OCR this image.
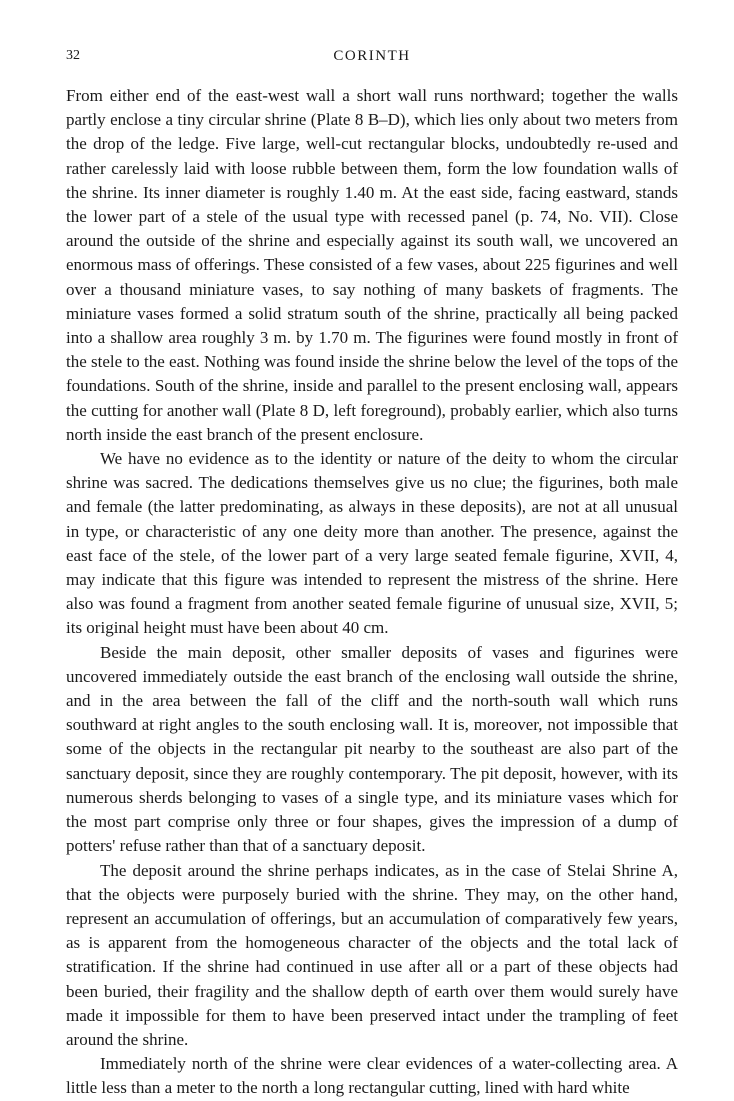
32	CORINTH

From either end of the east-west wall a short wall runs northward; together the walls partly enclose a tiny circular shrine (Plate 8 B–D), which lies only about two meters from the drop of the ledge. Five large, well-cut rectangular blocks, undoubtedly re-used and rather carelessly laid with loose rubble between them, form the low foundation walls of the shrine. Its inner diameter is roughly 1.40 m. At the east side, facing eastward, stands the lower part of a stele of the usual type with recessed panel (p. 74, No. VII). Close around the outside of the shrine and especially against its south wall, we uncovered an enormous mass of offerings. These consisted of a few vases, about 225 figurines and well over a thousand miniature vases, to say nothing of many baskets of fragments. The miniature vases formed a solid stratum south of the shrine, practically all being packed into a shallow area roughly 3 m. by 1.70 m. The figurines were found mostly in front of the stele to the east. Nothing was found inside the shrine below the level of the tops of the foundations. South of the shrine, inside and parallel to the present enclosing wall, appears the cutting for another wall (Plate 8 D, left foreground), probably earlier, which also turns north inside the east branch of the present enclosure.

We have no evidence as to the identity or nature of the deity to whom the circular shrine was sacred. The dedications themselves give us no clue; the figurines, both male and female (the latter predominating, as always in these deposits), are not at all unusual in type, or characteristic of any one deity more than another. The presence, against the east face of the stele, of the lower part of a very large seated female figurine, XVII, 4, may indicate that this figure was intended to represent the mistress of the shrine. Here also was found a fragment from another seated female figurine of unusual size, XVII, 5; its original height must have been about 40 cm.

Beside the main deposit, other smaller deposits of vases and figurines were uncovered immediately outside the east branch of the enclosing wall outside the shrine, and in the area between the fall of the cliff and the north-south wall which runs southward at right angles to the south enclosing wall. It is, moreover, not impossible that some of the objects in the rectangular pit nearby to the southeast are also part of the sanctuary deposit, since they are roughly contemporary. The pit deposit, however, with its numerous sherds belonging to vases of a single type, and its miniature vases which for the most part comprise only three or four shapes, gives the impression of a dump of potters' refuse rather than that of a sanctuary deposit.

The deposit around the shrine perhaps indicates, as in the case of Stelai Shrine A, that the objects were purposely buried with the shrine. They may, on the other hand, represent an accumulation of offerings, but an accumulation of comparatively few years, as is apparent from the homogeneous character of the objects and the total lack of stratification. If the shrine had continued in use after all or a part of these objects had been buried, their fragility and the shallow depth of earth over them would surely have made it impossible for them to have been preserved intact under the trampling of feet around the shrine.

Immediately north of the shrine were clear evidences of a water-collecting area. A little less than a meter to the north a long rectangular cutting, lined with hard white
